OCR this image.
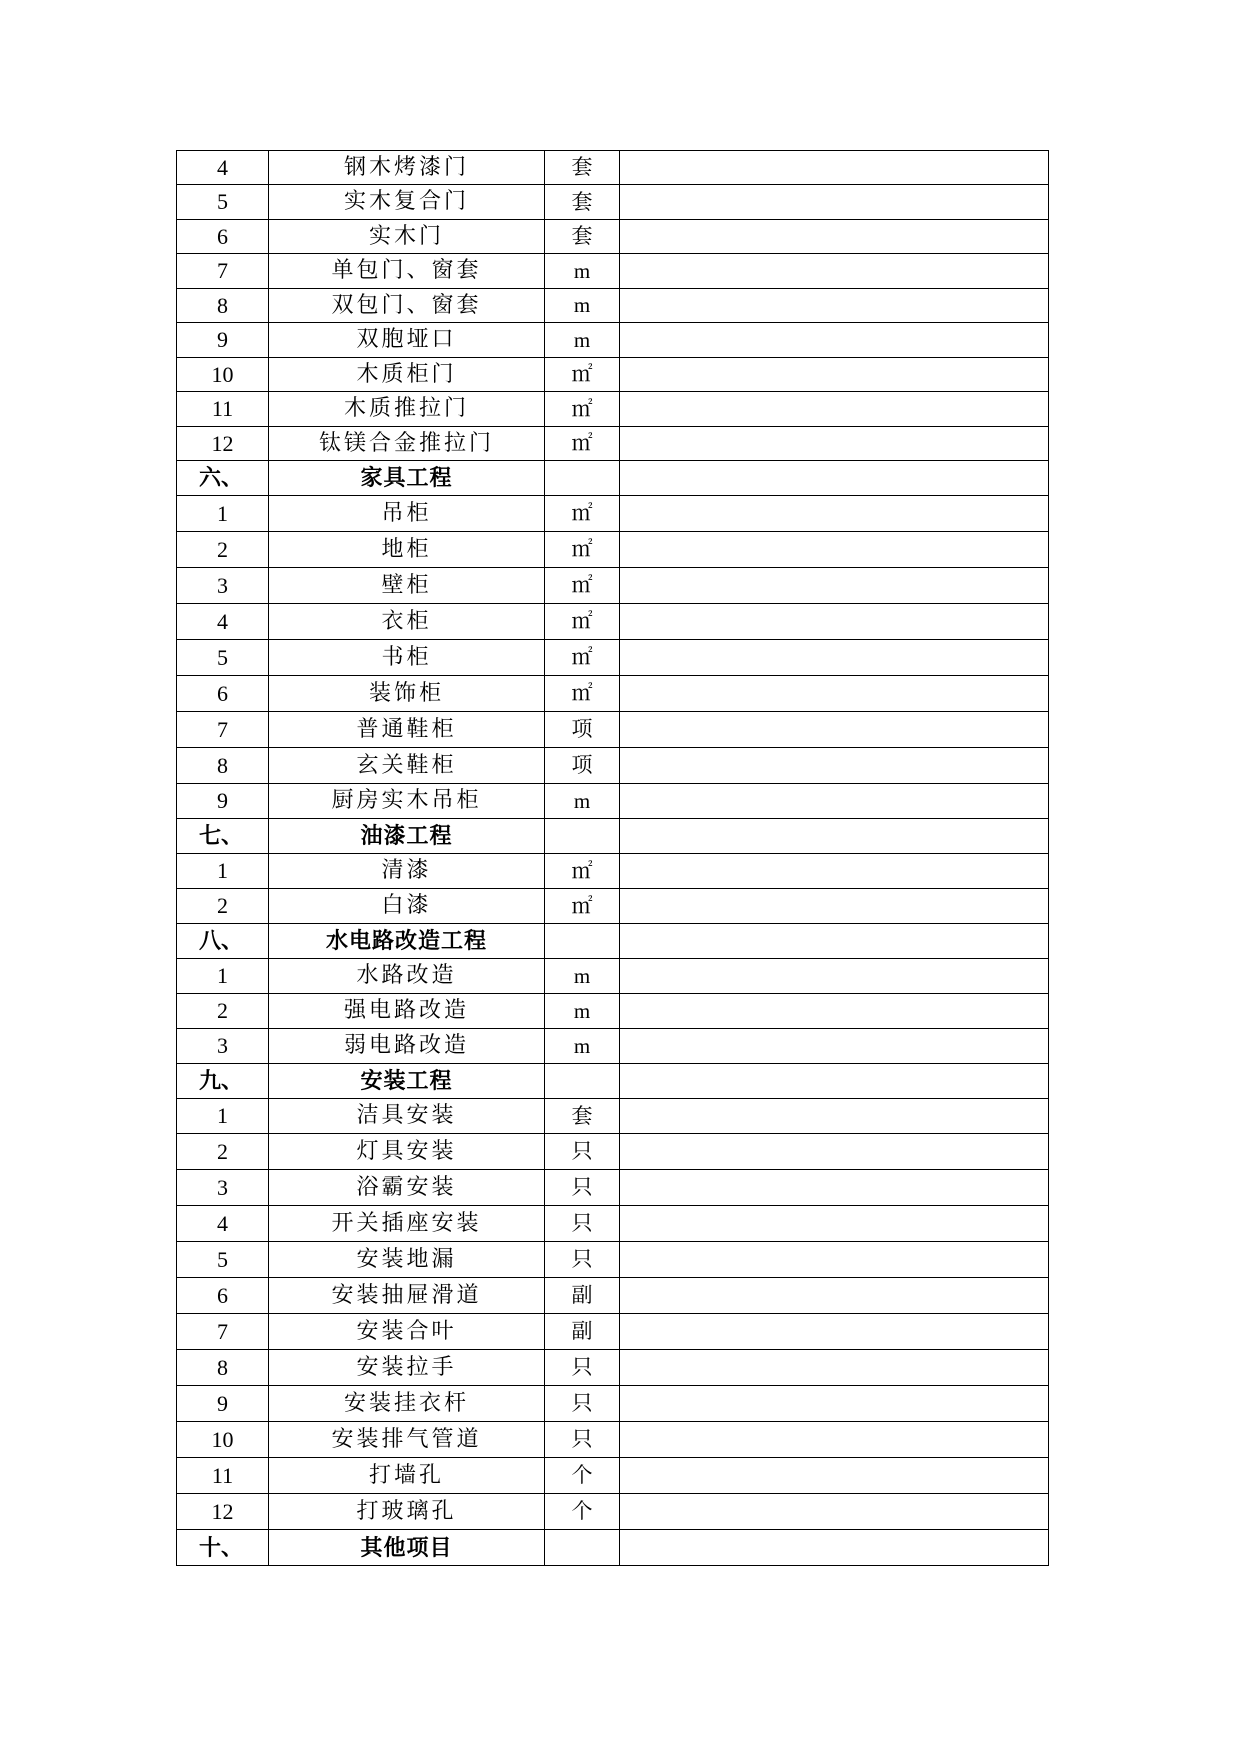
4	钢木烤漆门	套	
5	实木复合门	套	
6	实木门	套	
7	单包门、窗套	m	
8	双包门、窗套	m	
9	双胞垭口	m	
10	木质柜门	㎡	
11	木质推拉门	㎡	
12	钛镁合金推拉门	㎡	
六、	家具工程		
1	吊柜	㎡	
2	地柜	㎡	
3	壁柜	㎡	
4	衣柜	㎡	
5	书柜	㎡	
6	装饰柜	㎡	
7	普通鞋柜	项	
8	玄关鞋柜	项	
9	厨房实木吊柜	m	
七、	油漆工程		
1	清漆	㎡	
2	白漆	㎡	
八、	水电路改造工程		
1	水路改造	m	
2	强电路改造	m	
3	弱电路改造	m	
九、	安装工程		
1	洁具安装	套	
2	灯具安装	只	
3	浴霸安装	只	
4	开关插座安装	只	
5	安装地漏	只	
6	安装抽屉滑道	副	
7	安装合叶	副	
8	安装拉手	只	
9	安装挂衣杆	只	
10	安装排气管道	只	
11	打墙孔	个	
12	打玻璃孔	个	
十、	其他项目		
